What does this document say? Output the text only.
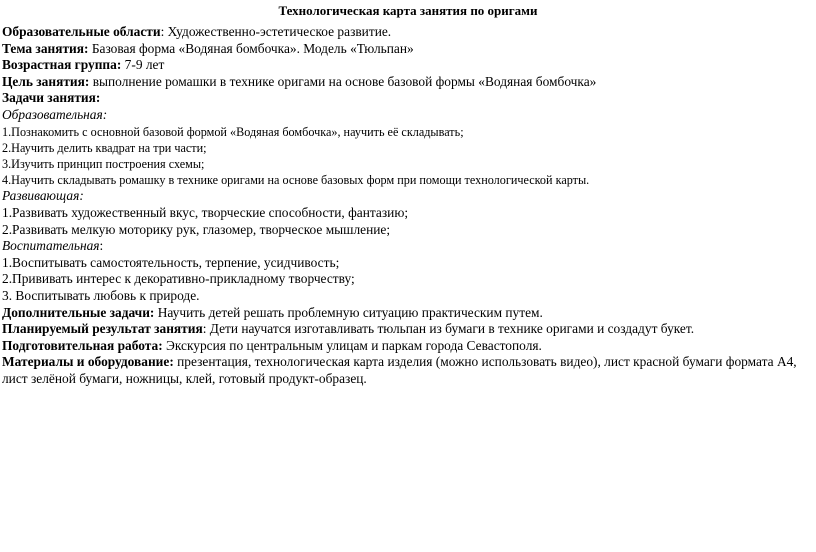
Технологическая карта занятия по оригами
Образовательные области: Художественно-эстетическое развитие.
Тема занятия: Базовая форма «Водяная бомбочка». Модель «Тюльпан»
Возрастная группа: 7-9 лет
Цель занятия: выполнение ромашки в технике оригами на основе базовой формы «Водяная бомбочка»
Задачи занятия:
Образовательная:
1.Познакомить с основной базовой формой «Водяная бомбочка», научить её складывать;
2.Научить делить квадрат на три части;
3.Изучить принцип построения схемы;
4.Научить складывать ромашку в технике оригами на основе базовых форм при помощи технологической карты.
Развивающая:
1.Развивать художественный вкус, творческие способности, фантазию;
2.Развивать мелкую моторику рук, глазомер, творческое мышление;
Воспитательная:
1.Воспитывать самостоятельность, терпение, усидчивость;
2.Прививать интерес к декоративно-прикладному творчеству;
3. Воспитывать любовь к природе.
Дополнительные задачи: Научить детей решать проблемную ситуацию практическим путем.
Планируемый результат занятия: Дети научатся изготавливать тюльпан из бумаги в технике оригами и создадут букет.
Подготовительная работа: Экскурсия по центральным улицам и паркам города Севастополя.
Материалы и оборудование: презентация, технологическая карта изделия (можно использовать видео), лист красной бумаги формата А4, лист зелёной бумаги, ножницы, клей, готовый продукт-образец.
